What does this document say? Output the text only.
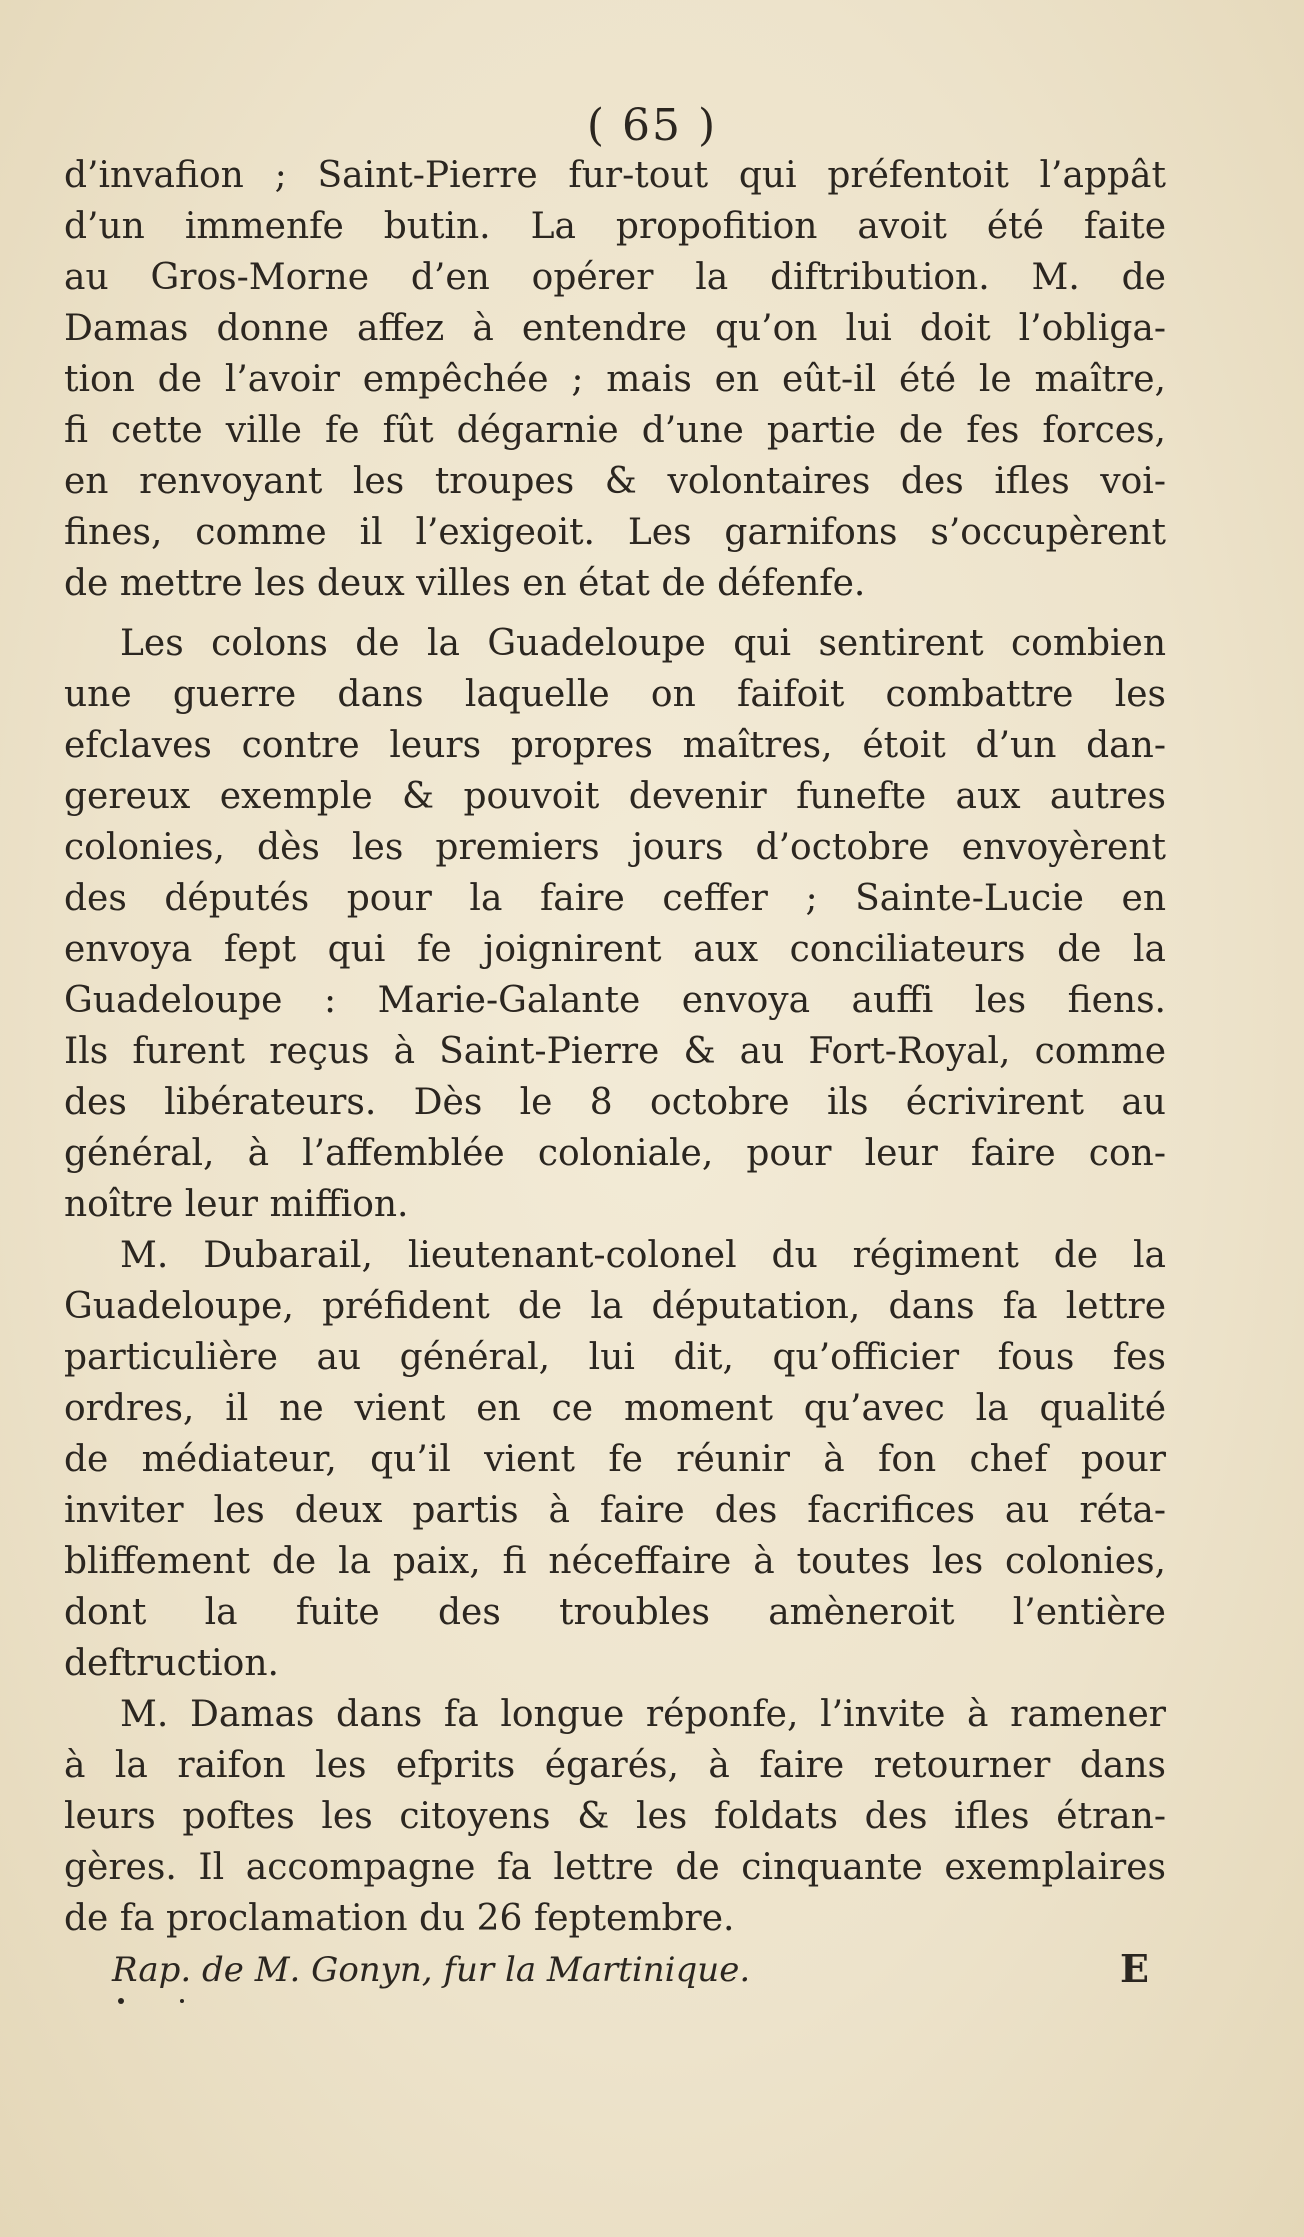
( 65 )
d’invafion ; Saint-Pierre fur-tout qui préfentoit l’appât
d’un immenfe butin. La propofition avoit été faite
au Gros-Morne d’en opérer la diftribution. M. de
Damas donne affez à entendre qu’on lui doit l’obliga-
tion de l’avoir empêchée ; mais en eût-il été le maître,
fi cette ville fe fût dégarnie d’une partie de fes forces,
en renvoyant les troupes & volontaires des ifles voi-
fines, comme il l’exigeoit. Les garnifons s’occupèrent
de mettre les deux villes en état de défenfe.
Les colons de la Guadeloupe qui sentirent combien
une guerre dans laquelle on faifoit combattre les
efclaves contre leurs propres maîtres, étoit d’un dan-
gereux exemple & pouvoit devenir funefte aux autres
colonies, dès les premiers jours d’octobre envoyèrent
des députés pour la faire ceffer ; Sainte-Lucie en
envoya fept qui fe joignirent aux conciliateurs de la
Guadeloupe : Marie-Galante envoya auffi les fiens.
Ils furent reçus à Saint-Pierre & au Fort-Royal, comme
des libérateurs. Dès le 8 octobre ils écrivirent au
général, à l’affemblée coloniale, pour leur faire con-
noître leur miffion.
M. Dubarail, lieutenant-colonel du régiment de la
Guadeloupe, préfident de la députation, dans fa lettre
particulière au général, lui dit, qu’officier fous fes
ordres, il ne vient en ce moment qu’avec la qualité
de médiateur, qu’il vient fe réunir à fon chef pour
inviter les deux partis à faire des facrifices au réta-
bliffement de la paix, fi néceffaire à toutes les colonies,
dont la fuite des troubles amèneroit l’entière
deftruction.
M. Damas dans fa longue réponfe, l’invite à ramener
à la raifon les efprits égarés, à faire retourner dans
leurs poftes les citoyens & les foldats des ifles étran-
gères. Il accompagne fa lettre de cinquante exemplaires
de fa proclamation du 26 feptembre.
Rap. de M. Gonyn, fur la Martinique.	E
